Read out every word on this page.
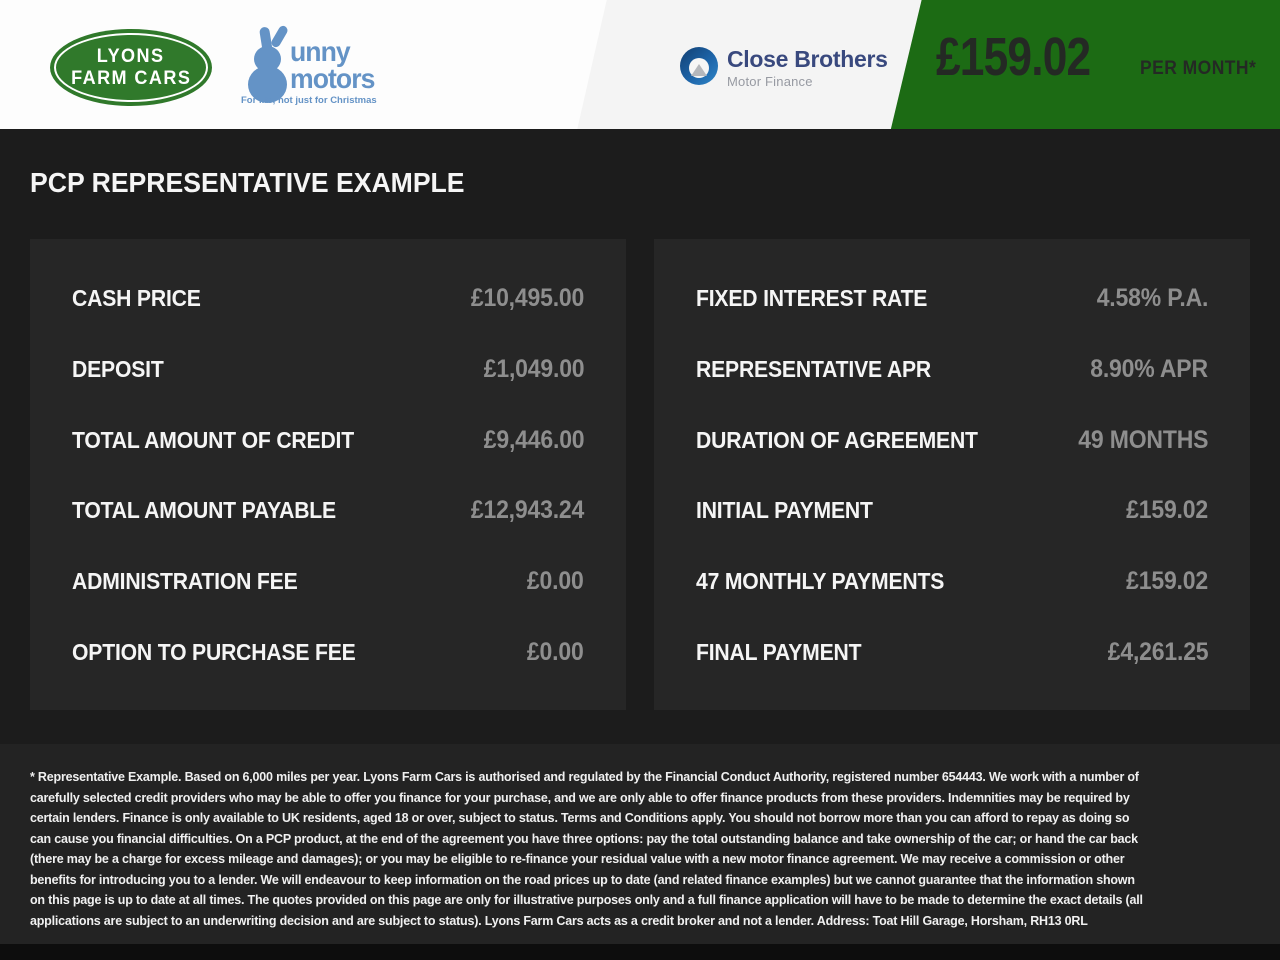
LYONS
FARM CARS
unny
motors
For life, not just for Christmas
Close Brothers
Motor Finance	£159.02	PER MONTH*
PCP REPRESENTATIVE EXAMPLE
CASH PRICE	£10,495.00
DEPOSIT	£1,049.00
TOTAL AMOUNT OF CREDIT	£9,446.00
TOTAL AMOUNT PAYABLE	£12,943.24
ADMINISTRATION FEE	£0.00
OPTION TO PURCHASE FEE	£0.00
FIXED INTEREST RATE	4.58% P.A.
REPRESENTATIVE APR	8.90% APR
DURATION OF AGREEMENT	49 MONTHS
INITIAL PAYMENT	£159.02
47 MONTHLY PAYMENTS	£159.02
FINAL PAYMENT	£4,261.25

* Representative Example. Based on 6,000 miles per year. Lyons Farm Cars is authorised and regulated by the Financial Conduct Authority, registered number 654443. We work with a number of carefully selected credit providers who may be able to offer you finance for your purchase, and we are only able to offer finance products from these providers. Indemnities may be required by certain lenders. Finance is only available to UK residents, aged 18 or over, subject to status. Terms and Conditions apply. You should not borrow more than you can afford to repay as doing so can cause you financial difficulties. On a PCP product, at the end of the agreement you have three options: pay the total outstanding balance and take ownership of the car; or hand the car back (there may be a charge for excess mileage and damages); or you may be eligible to re-finance your residual value with a new motor finance agreement. We may receive a commission or other benefits for introducing you to a lender. We will endeavour to keep information on the road prices up to date (and related finance examples) but we cannot guarantee that the information shown on this page is up to date at all times. The quotes provided on this page are only for illustrative purposes only and a full finance application will have to be made to determine the exact details (all applications are subject to an underwriting decision and are subject to status). Lyons Farm Cars acts as a credit broker and not a lender. Address: Toat Hill Garage, Horsham, RH13 0RL
